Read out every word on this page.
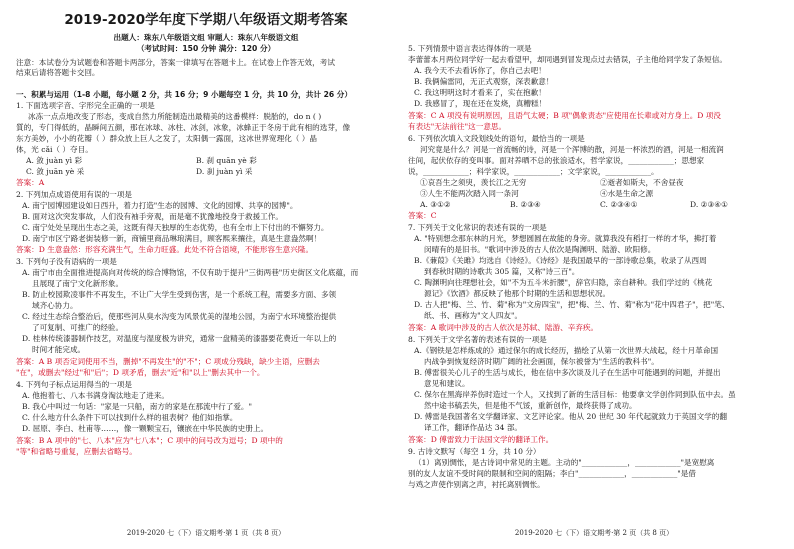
2019-2020学年度下学期八年级语文期考答案
出题人：珠东八年级语文组 审题人：珠东八年级语文组
（考试时间：150 分钟 满分：120 分）
注意：本试卷分为试题卷和答题卡两部分，答案一律填写在答题卡上。在试卷上作答无效，考试
结束后请将答题卡交回。
一、积累与运用（1-8 小题，每小题 2 分，共 16 分；9 小题每空 1 分，共 10 分，共计 26 分）
1. 下面选项字音、字形完全正确的一项是
冰冻一点点地改变了形态，变成自然力所能制造出最精美的这番模样：脱胎的，do n ( )
質的，专门得低的，晶瞬间五颜，那在冰球、冰柱、冰剑，冰象，冰蜂正于冬房于此有相的选芽，像
东方美妙，小小的花瓣（ ）群众放上巨人之发了，太阳偶一露面，这冰世界宽理化（ ）晶
体，光 cǎi（ ）夺目。
A. 敛 juàn yì 彩	B. 刹 quān yè 彩
C. 敛 juān yè 采	D. 刹 juàn yì 采
答案：A
2. 下列加点成语使用有误的一项是
A. 南宁园博园建设如日西升，着力打造"生态的园博、文化的园博、共享的园博"。
B. 面对这次突发事故，人们没有袖手旁观，而是毫不犹豫地投身于救援工作。
C. 南宁处处呈现出生态之美，这既有得天独厚的生态优势，也有全市上下付出的不懈努力。
D. 南宁市区宁路老街装修一新，商铺里商品琳琅满目，顾客熙来攘往，真是生意盎然啊！
答案：D 生意盎然：形容充满生气，生命力旺盛。此处不符合语境，不能形容生意兴隆。
3. 下列句子没有语病的一项是
A. 南宁市由全面推进提高向对传统的综合博物馆，不仅有助于提升"三街两巷"历史街区文化底蕴，而
且展现了南宁文化新形象。
B. 防止校园欺凌事件不再发生，不让广大学生受到伤害，是一个系统工程，需要多方面、多领
域齐心协力。
C. 经过生态综合整治后，使那些河从臭水沟变为风景优美的湿地公园，为南宁水环境整治提供
了可复制、可推广的经验。
D. 桂林传统漆器制作技艺，对温度与湿度极为讲究，通常一盘精美的漆器要花费近一年以上的
时间才能完成。
答案：A B 项否定词使用不当，删掉"不再发生"的"不"；C 项成分残缺，缺少主语，应删去
"在"，或删去"经过"和"后"；D 项矛盾，删去"近"和"以上"删去其中一个。
4. 下列句子标点运用得当的一项是
A. 他抱着七、八本书满身淘汰地走了进来。
B. 我心中叫过一句话："家是一只船，南方的家是在那流中行了爱。"
C. 什么地方什么条件下可以找到什么样的祖表树？他们如指掌。
D. 屈原、李白、杜甫等……，像一颗颗宝石，镶嵌在中华民族的史册上。
答案：B A 项中的"七、八本"应为"七八本"；C 项中的问号改为逗号；D 项中的
"等"和省略号重复，应删去省略号。
2019-2020 七（下）语文期考·第 1 页（共 8 页）
5. 下列情景中语言表达得体的一项是
李蕾蕾本月两位同学好一起去看望甲，却同遇到冒发现点过去错误，子主他给同学发了条短信。
A. 我今天不去看诉你了，你自己去吧！
B. 我俩偏雷同，无正式观察，深表歉意！
C. 我这明明这时才看来了，实在抱歉！
D. 我感冒了，现在还在发烧，真糟糕！
答案：C A 项没有说明原因，且语气太硬；B 项"偶象责态"应使用在长辈或对方身上。D 项没
有表达"无法前往"这一意思。
6. 下列依次填入文段划线处的语句，最恰当的一项是
河究竟是什么？河是一首流畅的诗，河是一个浑博的散，河是一杯浓烈的酒，河是一相流润
往间，起伏依存的变叫事。面对养晒不总的张浪适水，哲学家说，____________；思想家
说，____________；科学家说，____________；文学家说，____________。
①哀吾生之须臾，羡长江之无穷	②逝者如斯夫，不舍昼夜
③人生不能两次踏入同一条河	④水是生命之源
A. ③①②	B. ②③④	C. ②③④①	D. ②③④①
答案：C
7. 下列关于文化常识的表述有误的一项是
A. "特别想念那东林的月光，梦想圆圆在故能的身旁。就算我没有稻打一样的才华，拂打着
闵晴有的是旧书。"歌词中涉及的古人依次是陶渊明、陆游、欧阳修。
B.《蒹葭》《关雎》均选自《诗经》。《诗经》是我国最早的一部诗歌总集，收录了从西周
到春秋时期的诗歌共 305 篇，又称"诗三百"。
C. 陶渊明向往理想社会，如"不为五斗米折腰"，辞官归隐，亲自耕种。我们学过的《桃花
源记》《饮酒》都反映了他那个时期的生活和思想状况。
D. 古人把"梅、兰、竹、菊"称为"文房四宝"，把"梅、兰、竹、菊"称为"花中四君子"，把"笔、
纸、书、画称为"文人四友"。
答案：A 歌词中涉及的古人依次是苏轼、陆游、辛弃疾。
8. 下列关于文学名著的表述有误的一项是
A.《钢铁是怎样炼成的》通过保尔的成长经历，描绘了从第一次世界大战起，经十月革命国
内战争到恢复经济时期广阔的社会画面，保尔被誉为"生活的教科书"。
B. 傅雷很关心儿子的生活与成长，他在信中多次谈及儿子在生活中可能遇到的问题，并提出
意见和建议。
C. 保尔在黑海岸养伤时造过一个人，又找到了新的生活目标：他要拿文学创作同到队伍中去。虽
然中途书稿丢失，但是他不气馁，重新创作，最终获得了成功。
D. 傅雷是我国著名文学翻译家、文艺评论家。他从 20 世纪 30 年代起就致力于英国文学的翻
译工作，翻译作品达 34 部。
答案：D 傅雷致力于法国文学的翻译工作。
9. 古诗文默写（每空 1 分，共 10 分）
（1）离别惆怅，是古诗词中常见的主题。主动的"____________，____________"是宽慰离
别的友人友谊不受时间的限制和空间的阻隔；李白"____________，____________"是借
与鸡之声使作别离之声，衬托离别惆怅。
2019-2020 七（下）语文期考·第 2 页（共 8 页）
